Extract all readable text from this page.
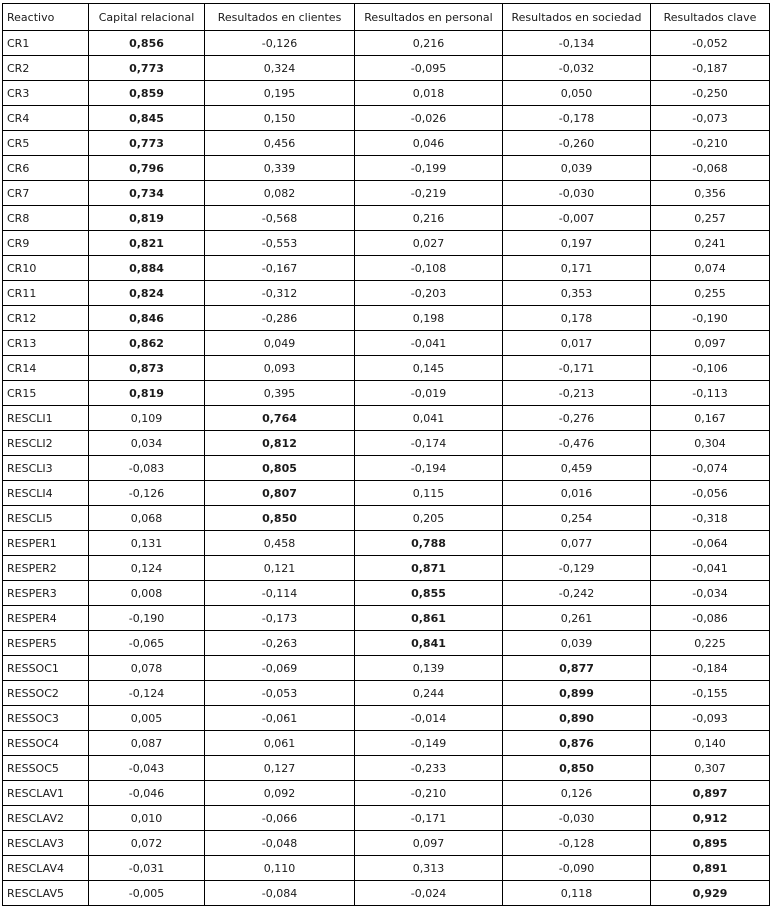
Reactivo	Capital relacional	Resultados en clientes	Resultados en personal	Resultados en sociedad	Resultados clave
CR1	0,856	-0,126	0,216	-0,134	-0,052
CR2	0,773	0,324	-0,095	-0,032	-0,187
CR3	0,859	0,195	0,018	0,050	-0,250
CR4	0,845	0,150	-0,026	-0,178	-0,073
CR5	0,773	0,456	0,046	-0,260	-0,210
CR6	0,796	0,339	-0,199	0,039	-0,068
CR7	0,734	0,082	-0,219	-0,030	0,356
CR8	0,819	-0,568	0,216	-0,007	0,257
CR9	0,821	-0,553	0,027	0,197	0,241
CR10	0,884	-0,167	-0,108	0,171	0,074
CR11	0,824	-0,312	-0,203	0,353	0,255
CR12	0,846	-0,286	0,198	0,178	-0,190
CR13	0,862	0,049	-0,041	0,017	0,097
CR14	0,873	0,093	0,145	-0,171	-0,106
CR15	0,819	0,395	-0,019	-0,213	-0,113
RESCLI1	0,109	0,764	0,041	-0,276	0,167
RESCLI2	0,034	0,812	-0,174	-0,476	0,304
RESCLI3	-0,083	0,805	-0,194	0,459	-0,074
RESCLI4	-0,126	0,807	0,115	0,016	-0,056
RESCLI5	0,068	0,850	0,205	0,254	-0,318
RESPER1	0,131	0,458	0,788	0,077	-0,064
RESPER2	0,124	0,121	0,871	-0,129	-0,041
RESPER3	0,008	-0,114	0,855	-0,242	-0,034
RESPER4	-0,190	-0,173	0,861	0,261	-0,086
RESPER5	-0,065	-0,263	0,841	0,039	0,225
RESSOC1	0,078	-0,069	0,139	0,877	-0,184
RESSOC2	-0,124	-0,053	0,244	0,899	-0,155
RESSOC3	0,005	-0,061	-0,014	0,890	-0,093
RESSOC4	0,087	0,061	-0,149	0,876	0,140
RESSOC5	-0,043	0,127	-0,233	0,850	0,307
RESCLAV1	-0,046	0,092	-0,210	0,126	0,897
RESCLAV2	0,010	-0,066	-0,171	-0,030	0,912
RESCLAV3	0,072	-0,048	0,097	-0,128	0,895
RESCLAV4	-0,031	0,110	0,313	-0,090	0,891
RESCLAV5	-0,005	-0,084	-0,024	0,118	0,929
